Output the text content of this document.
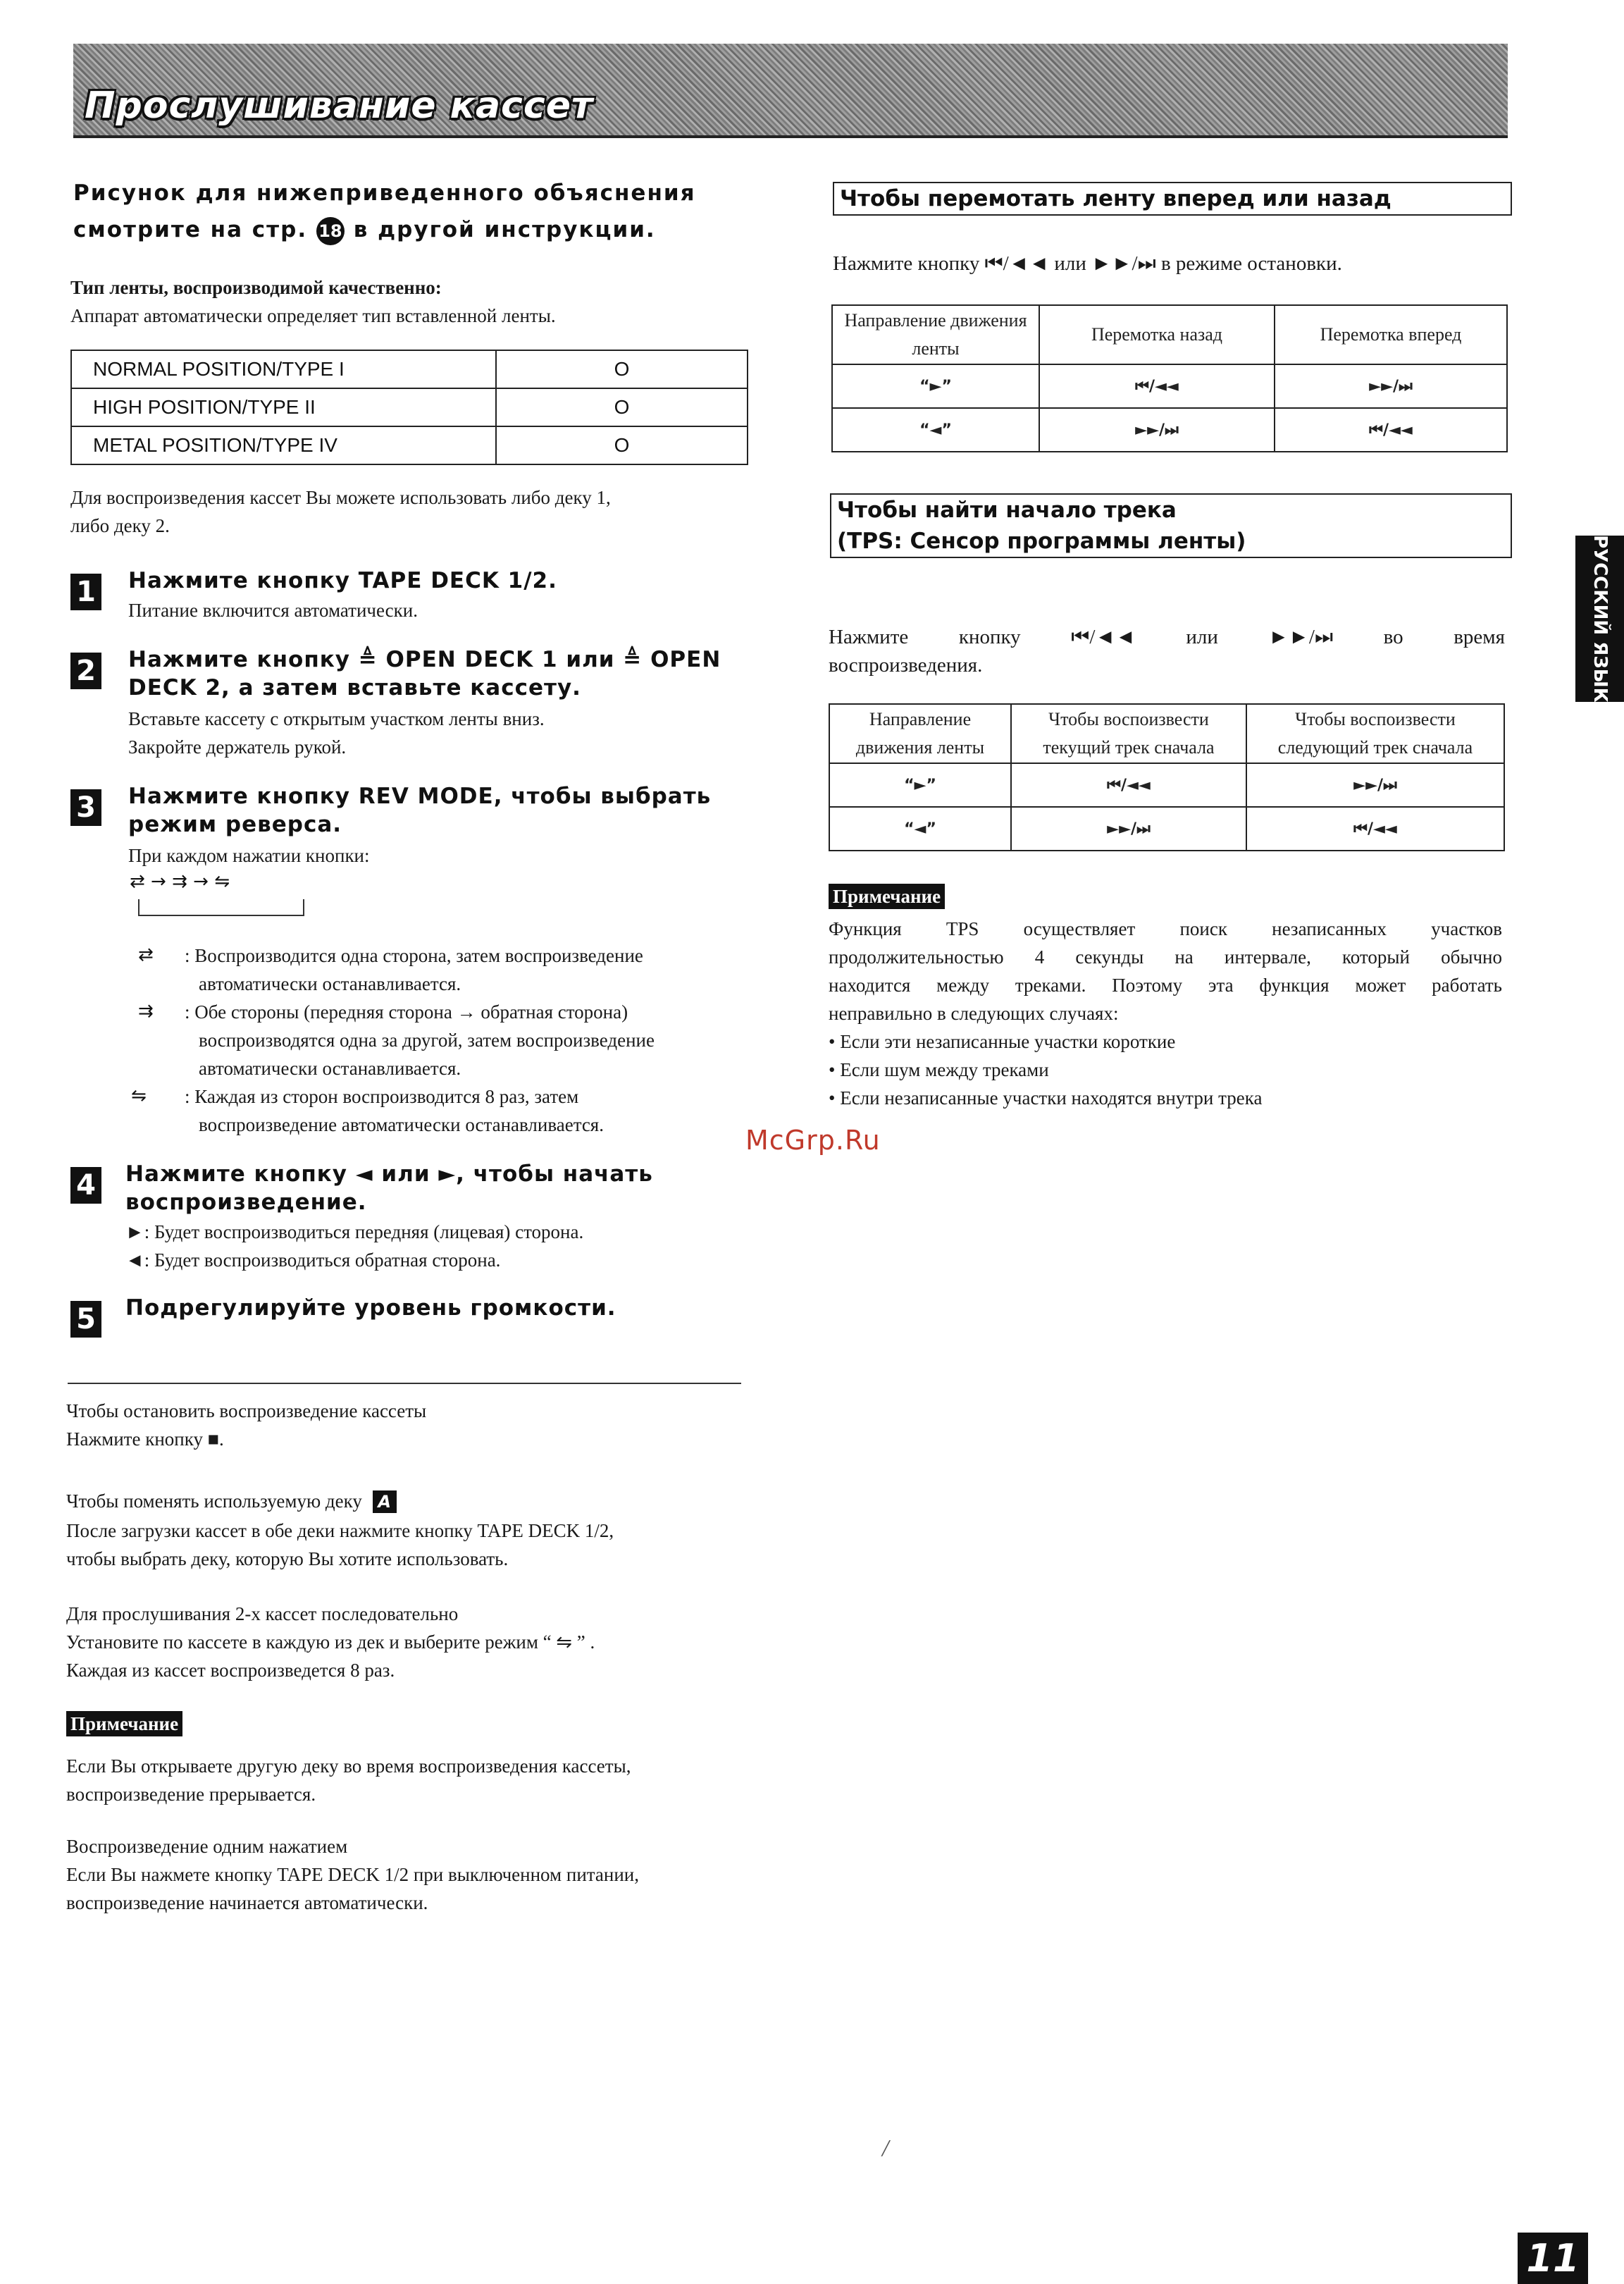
Прослушивание кассет
Рисунок для нижеприведенного объяснения
смотрите на стр. 18 в другой инструкции.
Тип ленты, воспроизводимой качественно:
Аппарат автоматически определяет тип вставленной ленты.
NORMAL POSITION/TYPE I	O
HIGH POSITION/TYPE II	O
METAL POSITION/TYPE IV	O
Для воспроизведения кассет Вы можете использовать либо деку 1,
либо деку 2.
1 Нажмите кнопку TAPE DECK 1/2.
Питание включится автоматически.
2 Нажмите кнопку ≜ OPEN DECK 1 или ≜ OPEN
DECK 2, а затем вставьте кассету.
Вставьте кассету с открытым участком ленты вниз.
Закройте держатель рукой.
3 Нажмите кнопку REV MODE, чтобы выбрать
режим реверса.
При каждом нажатии кнопки:
⇄ → ⇉ → ⇋
⇄ : Воспроизводится одна сторона, затем воспроизведение
автоматически останавливается.
⇉ : Обе стороны (передняя сторона → обратная сторона)
воспроизводятся одна за другой, затем воспроизведение
автоматически останавливается.
⇋ : Каждая из сторон воспроизводится 8 раз, затем
воспроизведение автоматически останавливается.
4 Нажмите кнопку ◄ или ►, чтобы начать
воспроизведение.
►: Будет воспроизводиться передняя (лицевая) сторона.
◄: Будет воспроизводиться обратная сторона.
5 Подрегулируйте уровень громкости.
Чтобы остановить воспроизведение кассеты
Нажмите кнопку ■.
Чтобы поменять используемую деку A
После загрузки кассет в обе деки нажмите кнопку TAPE DECK 1/2,
чтобы выбрать деку, которую Вы хотите использовать.
Для прослушивания 2-х кассет последовательно
Установите по кассете в каждую из дек и выберите режим “ ⇋ ” .
Каждая из кассет воспроизведется 8 раз.
Примечание
Если Вы открываете другую деку во время воспроизведения кассеты,
воспроизведение прерывается.
Воспроизведение одним нажатием
Если Вы нажмете кнопку TAPE DECK 1/2 при выключенном питании,
воспроизведение начинается автоматически.
Чтобы перемотать ленту вперед или назад
Нажмите кнопку ⏮/◄◄ или ►►/⏭ в режиме остановки.
Направление движения ленты	Перемотка назад	Перемотка вперед
“►”	⏮/◄◄	►►/⏭
“◄”	►►/⏭	⏮/◄◄
Чтобы найти начало трека
(TPS: Сенсор программы ленты)
Нажмите кнопку ⏮/◄◄ или ►►/⏭ во время
воспроизведения.
Направление движения ленты	Чтобы воспоизвести текущий трек сначала	Чтобы воспоизвести следующий трек сначала
“►”	⏮/◄◄	►►/⏭
“◄”	►►/⏭	⏮/◄◄
Примечание
Функция TPS осуществляет поиск незаписанных участков
продолжительностью 4 секунды на интервале, который обычно
находится между треками. Поэтому эта функция может работать
неправильно в следующих случаях:
• Если эти незаписанные участки короткие
• Если шум между треками
• Если незаписанные участки находятся внутри трека
РУССКИЙ ЯЗЫК
McGrp.Ru
/
11
